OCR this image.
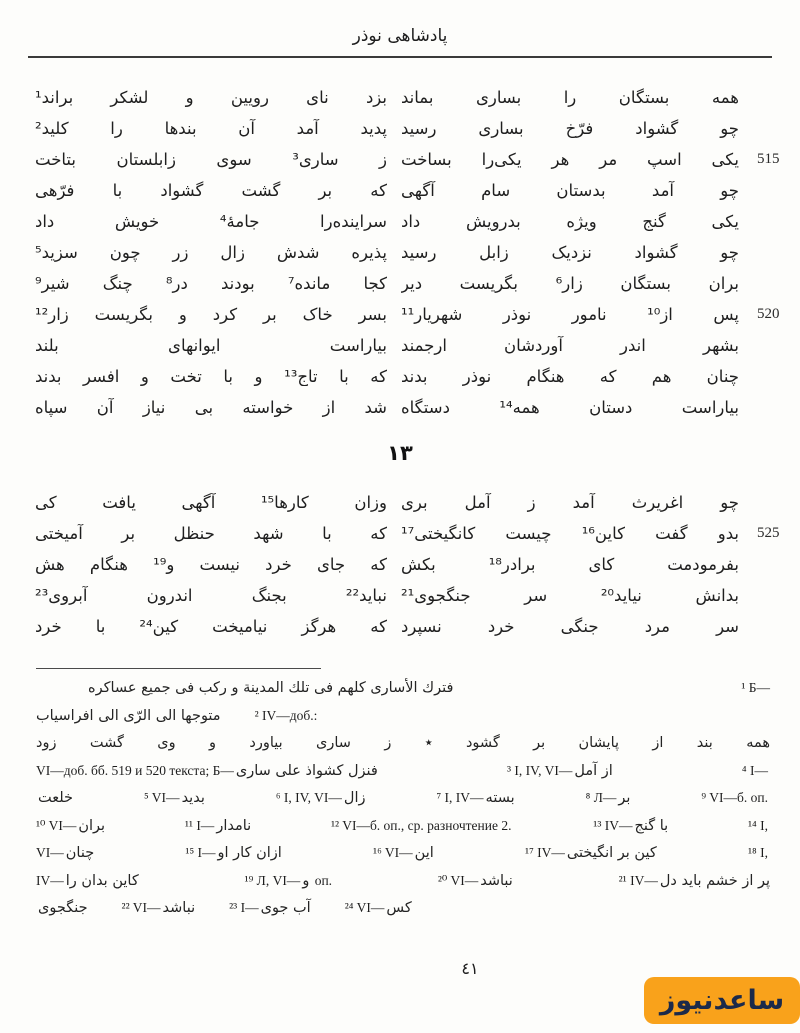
پادشاهی نوذر
بزد نای رویین و لشکر براند¹ همه بستگان را بساری بماند
پدید آمد آن بندها را کلید² چو گشواد فرّخ بساری رسید
ز ساری³ سوی زابلستان بتاخت یکی اسپ مر هر یکی‌را بساخت 515
که بر گشت گشواد با فرّهی چو آمد بدستان سام آگهی
سراینده‌را جامهٔ⁴ خویش داد یکی گنج ویژه بدرویش داد
پذیره شدش زال زر چون سزید⁵ چو گشواد نزدیک زابل رسید
کجا مانده⁷ بودند در⁸ چنگ شیر⁹ بران بستگان زار⁶ بگریست دیر
بسر خاک بر کرد و بگریست زار¹² پس از¹⁰ نامور نوذر شهریار¹¹ 520
بیاراست ایوانهای بلند بشهر اندر آوردشان ارجمند
که با تاج¹³ و با تخت و افسر بدند چنان هم که هنگام نوذر بدند
شد از خواسته بی نیاز آن سپاه بیاراست دستان همه¹⁴ دستگاه
۱۳
وزان کارها¹⁵ آگهی یافت کی چو اغریرث آمد ز آمل بری
که با شهد حنظل بر آمیختی بدو گفت کاین¹⁶ چیست کانگیختی¹⁷ 525
که جای خرد نیست و¹⁹ هنگام هش بفرمودمت کای برادر¹⁸ بکش
نباید²² بجنگ اندرون آبروی²³ بدانش نیاید²⁰ سر جنگجوی²¹
که هرگز نیامیخت کین²⁴ با خرد سر مرد جنگی خرد نسپرد
فترك الأساری كلهم فی تلك المدینة و ركب فی جمیع عساكره	¹ Б—
متوجها الی الرّی الی افراسیاب	² IV—доб.:
همه بند از پایشان بر گشود ٭ ز ساری بیاورد و وی گشت زود
VI—доб. бб. 519 и 520 текста; Б— فنزل كشواذ على ساری	³ I, IV, VI— از آمل	⁴ I—
خلعت	⁵ VI— بدید	⁶ I, IV, VI— زال	⁷ I, IV— بسته	⁸ Л— بر	⁹ VI—б. оп.
¹⁰ VI— بران	¹¹ I— نامدار	¹² VI—б. оп., ср. разночтение 2.	¹³ IV— با گنج	¹⁴ I,
VI— چنان	¹⁵ I— ازان کار او	¹⁶ VI— این	¹⁷ IV— کین بر انگیختی	¹⁸ I,
IV— کاین بدان را	¹⁹ Л, VI— و оп.	²⁰ VI— نباشد	²¹ IV— پر از خشم باید دل
جنگجوی	²² VI— نباشد	²³ I— آب جوی	²⁴ VI— کس
٤١
ساعدنیوز
